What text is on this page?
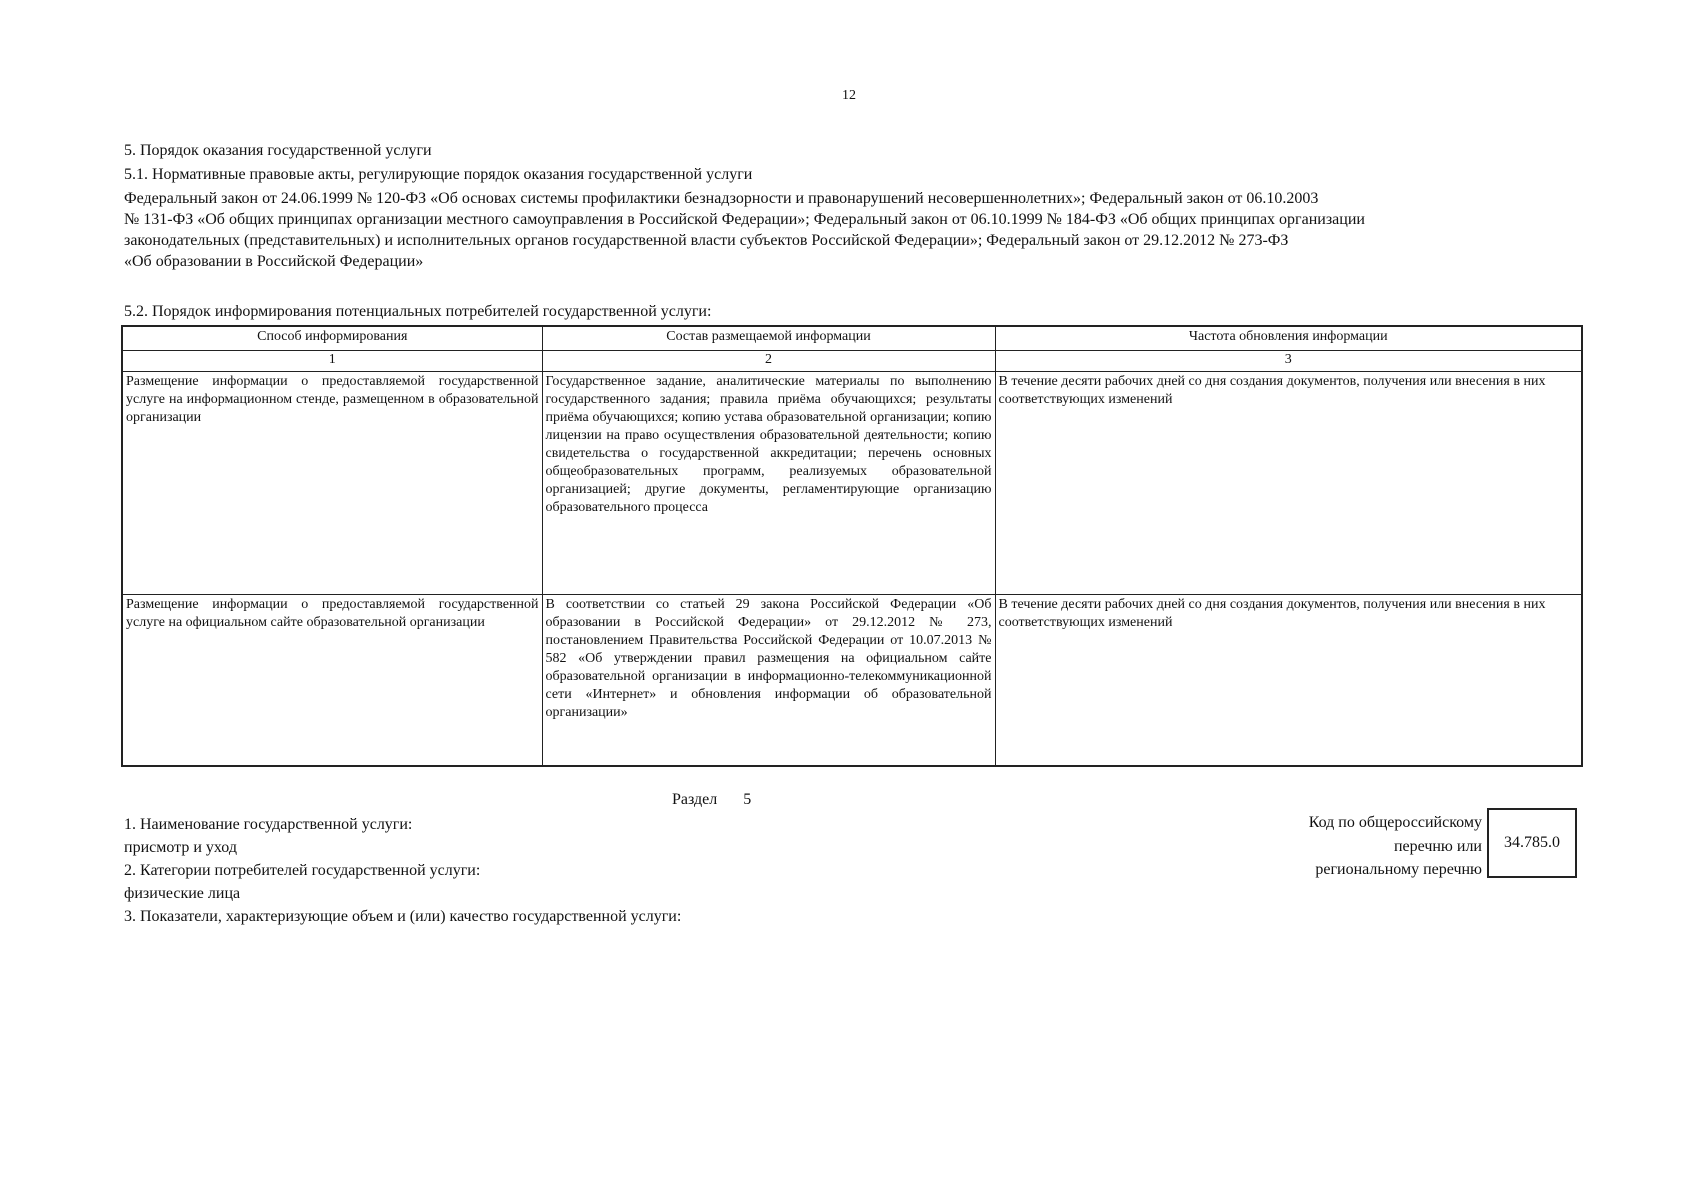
12
5. Порядок оказания государственной услуги
5.1. Нормативные правовые акты, регулирующие порядок оказания государственной услуги
Федеральный закон от 24.06.1999 № 120-ФЗ «Об основах системы профилактики безнадзорности и правонарушений несовершеннолетних»; Федеральный закон от 06.10.2003
№ 131-ФЗ «Об общих принципах организации местного самоуправления в Российской Федерации»; Федеральный закон от 06.10.1999 № 184-ФЗ «Об общих принципах организации
законодательных (представительных) и исполнительных органов государственной власти субъектов Российской Федерации»; Федеральный закон от 29.12.2012 № 273-ФЗ
«Об образовании в Российской Федерации»
5.2. Порядок информирования потенциальных потребителей государственной услуги:
Способ информирования	Состав размещаемой информации	Частота обновления информации
1	2	3
Размещение информации о предоставляемой государственной услуге на информационном стенде, размещенном в образовательной организации	Государственное задание, аналитические материалы по выполнению государственного задания; правила приёма обучающихся; результаты приёма обучающихся; копию устава образовательной организации; копию лицензии на право осуществления образовательной деятельности; копию свидетельства о государственной аккредитации; перечень основных общеобразовательных программ, реализуемых образовательной организацией; другие документы, регламентирующие организацию образовательного процесса	В течение десяти рабочих дней со дня создания документов, получения или внесения в них соответствующих изменений
Размещение информации о предоставляемой государственной услуге на официальном сайте образовательной организации	В соответствии со статьей 29 закона Российской Федерации «Об образовании в Российской Федерации» от 29.12.2012 № 273, постановлением Правительства Российской Федерации от 10.07.2013 № 582 «Об утверждении правил размещения на официальном сайте образовательной организации в информационно-телекоммуникационной сети «Интернет» и обновления информации об образовательной организации»	В течение десяти рабочих дней со дня создания документов, получения или внесения в них соответствующих изменений
Раздел 5
1. Наименование государственной услуги:
присмотр и уход
2. Категории потребителей государственной услуги:
физические лица
3. Показатели, характеризующие объем и (или) качество государственной услуги:
Код по общероссийскому
перечню или
региональному перечню
34.785.0
